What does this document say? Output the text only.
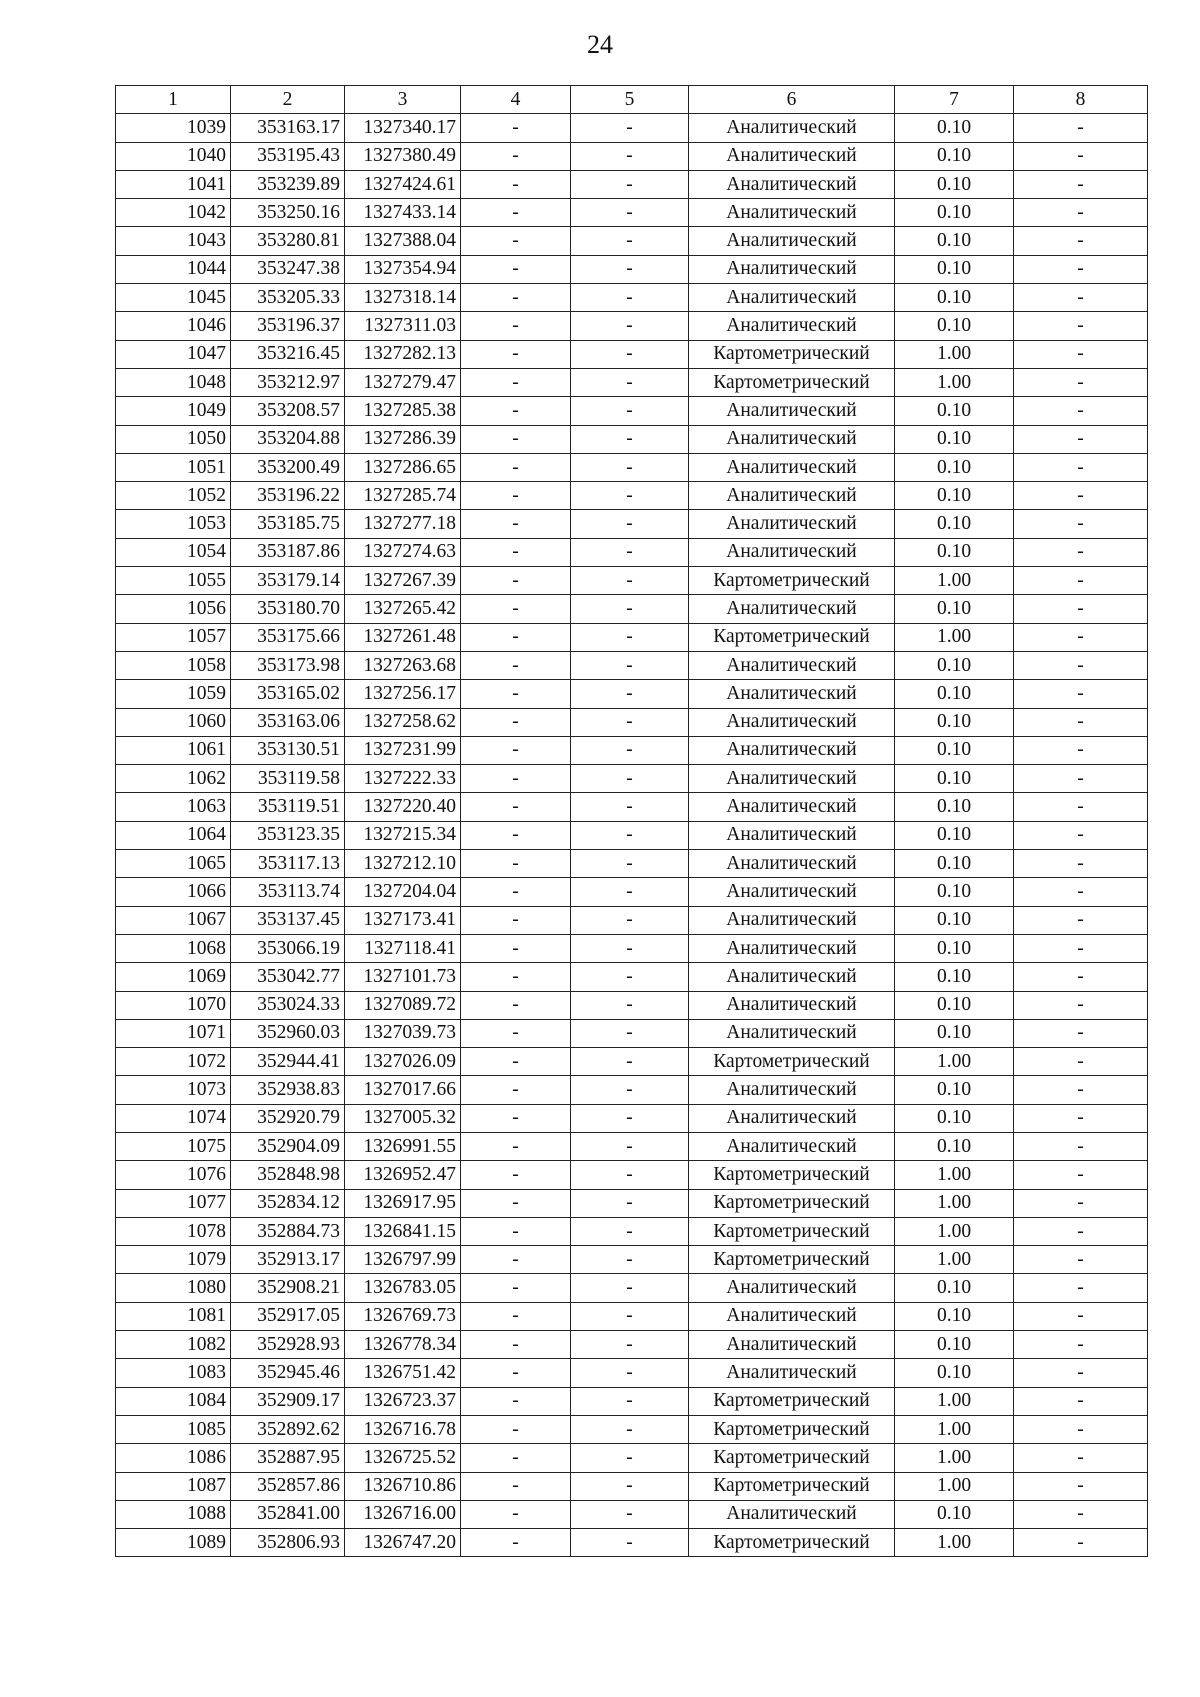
24
1	2	3	4	5	6	7	8
1039	353163.17	1327340.17	-	-	Аналитический	0.10	-
1040	353195.43	1327380.49	-	-	Аналитический	0.10	-
1041	353239.89	1327424.61	-	-	Аналитический	0.10	-
1042	353250.16	1327433.14	-	-	Аналитический	0.10	-
1043	353280.81	1327388.04	-	-	Аналитический	0.10	-
1044	353247.38	1327354.94	-	-	Аналитический	0.10	-
1045	353205.33	1327318.14	-	-	Аналитический	0.10	-
1046	353196.37	1327311.03	-	-	Аналитический	0.10	-
1047	353216.45	1327282.13	-	-	Картометрический	1.00	-
1048	353212.97	1327279.47	-	-	Картометрический	1.00	-
1049	353208.57	1327285.38	-	-	Аналитический	0.10	-
1050	353204.88	1327286.39	-	-	Аналитический	0.10	-
1051	353200.49	1327286.65	-	-	Аналитический	0.10	-
1052	353196.22	1327285.74	-	-	Аналитический	0.10	-
1053	353185.75	1327277.18	-	-	Аналитический	0.10	-
1054	353187.86	1327274.63	-	-	Аналитический	0.10	-
1055	353179.14	1327267.39	-	-	Картометрический	1.00	-
1056	353180.70	1327265.42	-	-	Аналитический	0.10	-
1057	353175.66	1327261.48	-	-	Картометрический	1.00	-
1058	353173.98	1327263.68	-	-	Аналитический	0.10	-
1059	353165.02	1327256.17	-	-	Аналитический	0.10	-
1060	353163.06	1327258.62	-	-	Аналитический	0.10	-
1061	353130.51	1327231.99	-	-	Аналитический	0.10	-
1062	353119.58	1327222.33	-	-	Аналитический	0.10	-
1063	353119.51	1327220.40	-	-	Аналитический	0.10	-
1064	353123.35	1327215.34	-	-	Аналитический	0.10	-
1065	353117.13	1327212.10	-	-	Аналитический	0.10	-
1066	353113.74	1327204.04	-	-	Аналитический	0.10	-
1067	353137.45	1327173.41	-	-	Аналитический	0.10	-
1068	353066.19	1327118.41	-	-	Аналитический	0.10	-
1069	353042.77	1327101.73	-	-	Аналитический	0.10	-
1070	353024.33	1327089.72	-	-	Аналитический	0.10	-
1071	352960.03	1327039.73	-	-	Аналитический	0.10	-
1072	352944.41	1327026.09	-	-	Картометрический	1.00	-
1073	352938.83	1327017.66	-	-	Аналитический	0.10	-
1074	352920.79	1327005.32	-	-	Аналитический	0.10	-
1075	352904.09	1326991.55	-	-	Аналитический	0.10	-
1076	352848.98	1326952.47	-	-	Картометрический	1.00	-
1077	352834.12	1326917.95	-	-	Картометрический	1.00	-
1078	352884.73	1326841.15	-	-	Картометрический	1.00	-
1079	352913.17	1326797.99	-	-	Картометрический	1.00	-
1080	352908.21	1326783.05	-	-	Аналитический	0.10	-
1081	352917.05	1326769.73	-	-	Аналитический	0.10	-
1082	352928.93	1326778.34	-	-	Аналитический	0.10	-
1083	352945.46	1326751.42	-	-	Аналитический	0.10	-
1084	352909.17	1326723.37	-	-	Картометрический	1.00	-
1085	352892.62	1326716.78	-	-	Картометрический	1.00	-
1086	352887.95	1326725.52	-	-	Картометрический	1.00	-
1087	352857.86	1326710.86	-	-	Картометрический	1.00	-
1088	352841.00	1326716.00	-	-	Аналитический	0.10	-
1089	352806.93	1326747.20	-	-	Картометрический	1.00	-
